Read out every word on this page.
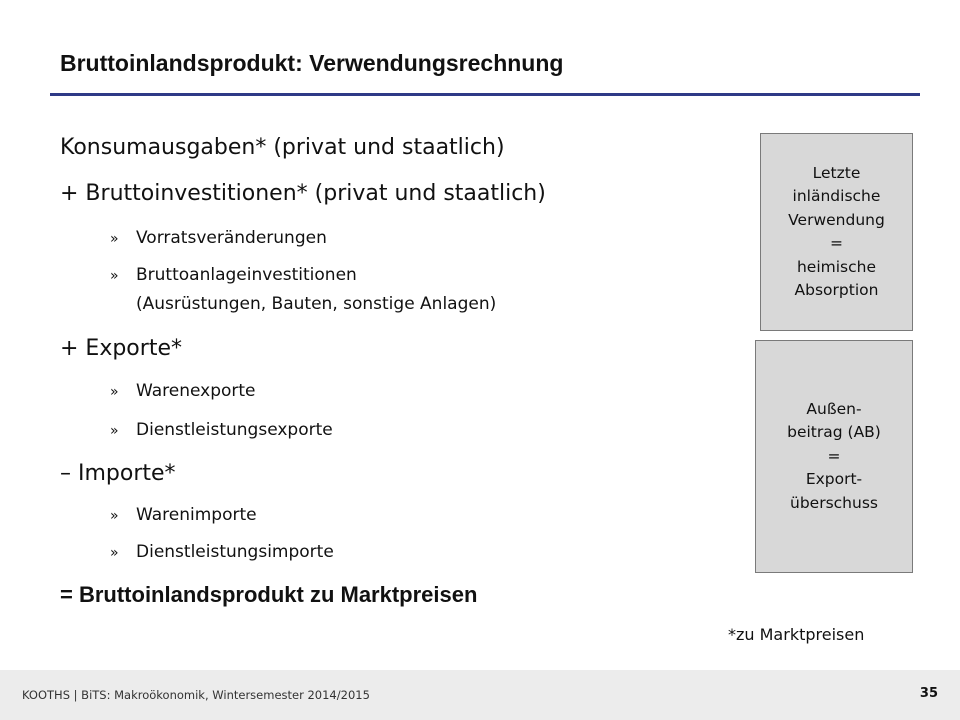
Bruttoinlandsprodukt: Verwendungsrechnung
Konsumausgaben* (privat und staatlich)
+ Bruttoinvestitionen* (privat und staatlich)
» Vorratsveränderungen
» Bruttoanlageinvestitionen
(Ausrüstungen, Bauten, sonstige Anlagen)
+ Exporte*
» Warenexporte
» Dienstleistungsexporte
– Importe*
» Warenimporte
» Dienstleistungsimporte
= Bruttoinlandsprodukt zu Marktpreisen
Letzte
inländische
Verwendung
=
heimische
Absorption
Außen-
beitrag (AB)
=
Export-
überschuss
*zu Marktpreisen
KOOTHS | BiTS: Makroökonomik, Wintersemester 2014/2015	35
